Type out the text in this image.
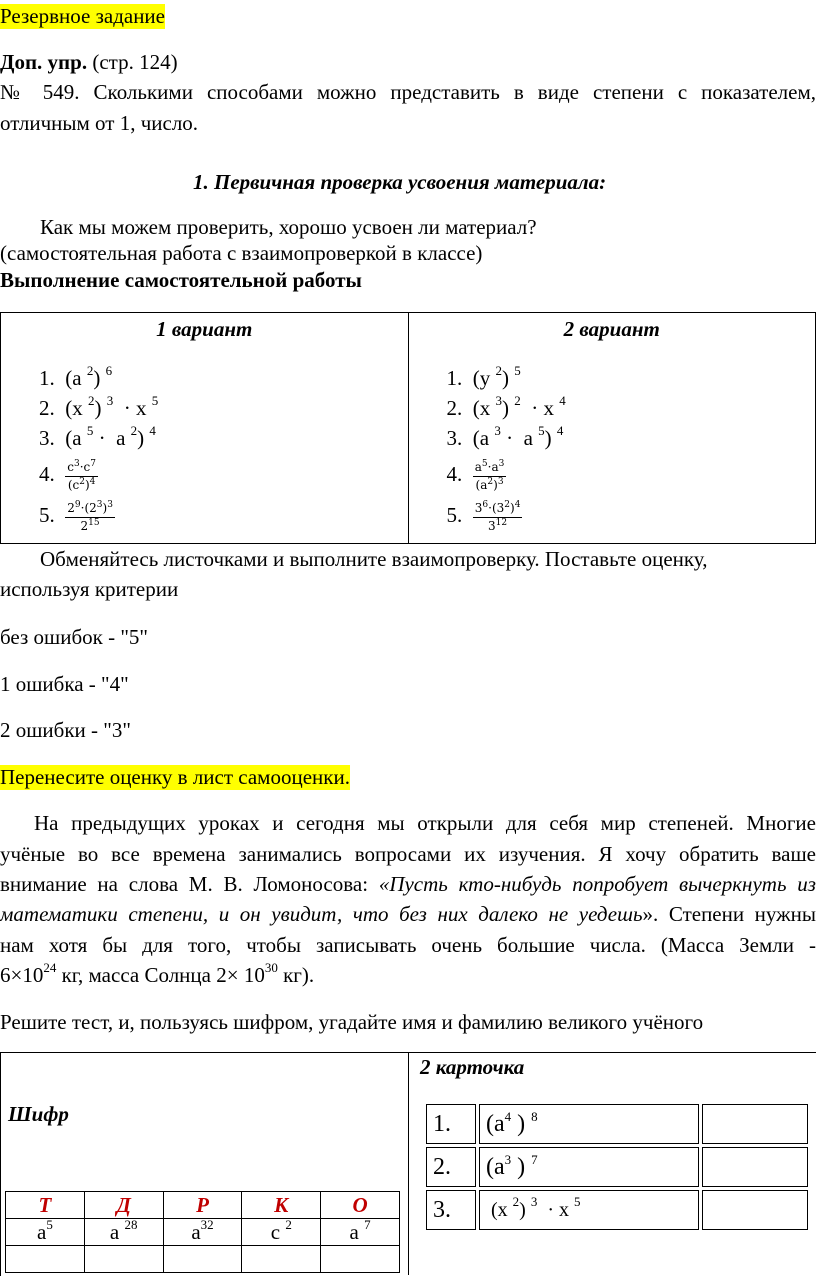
Резервное задание
Доп. упр. (стр. 124)
№ 549. Сколькими способами можно представить в виде степени с показателем,
отличным от 1, число.
1. Первичная проверка усвоения материала:
Как мы можем проверить, хорошо усвоен ли материал?
(самостоятельная работа с взаимопроверкой в классе)
Выполнение самостоятельной работы
1 вариант
1.  (a $^2$) $^6$
2.  (x $^2$) $^3$  · x $^5$
3.  (a $^5$ ·  a $^2$) $^4$
4. $\frac{c^3\cdot c^7}{(c^2)^4}$
5. $\frac{2^9\cdot(2^3)^3}{2^{15}}$

2 вариант
1.  (y $^2$) $^5$
2.  (x $^3$) $^2$  · x $^4$
3.  (a $^3$ ·  a $^5$) $^4$
4. $\frac{a^5\cdot a^3}{(a^2)^3}$
5. $\frac{3^6\cdot(3^2)^4}{3^{12}}$
Обменяйтесь листочками и выполните взаимопроверку. Поставьте оценку,
используя критерии
без ошибок - "5"
1 ошибка - "4"
2 ошибки - "3"
Перенесите оценку в лист самооценки.
На предыдущих уроках и сегодня мы открыли для себя мир степеней. Многие
учёные во все времена занимались вопросами их изучения. Я хочу обратить ваше
внимание на слова М. В. Ломоносова: «Пусть кто-нибудь попробует вычеркнуть из
математики степени, и он увидит, что без них далеко не уедешь». Степени нужны
нам хотя бы для того, чтобы записывать очень большие числа. (Масса Земли -
$6\times 10^{24}$ кг, масса Солнца $2\times 10^{30}$ кг).
Решите тест, и, пользуясь шифром, угадайте имя и фамилию великого учёного
Шифр
Т	Д	Р	К	О
$a^5$	a $^{28}$	$a^{32}$	c $^2$	a $^7$

2 карточка
1.	($a^4$ ) $^8$	
2.	($a^3$ ) $^7$	
3.	(x $^2$) $^3$  · x $^5$	
